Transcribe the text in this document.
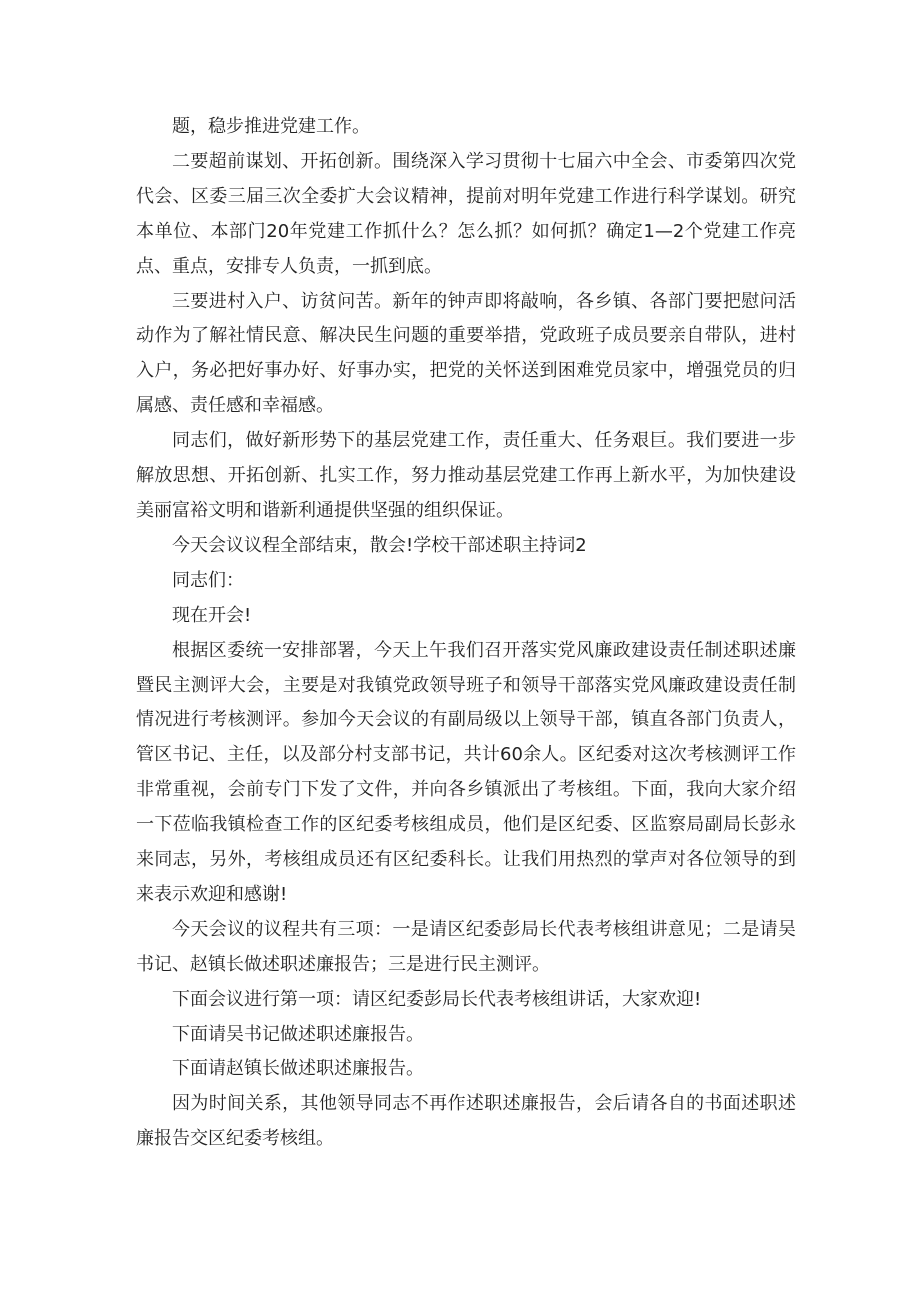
题，稳步推进党建工作。

二要超前谋划、开拓创新。围绕深入学习贯彻十七届六中全会、市委第四次党代会、区委三届三次全委扩大会议精神，提前对明年党建工作进行科学谋划。研究本单位、本部门20年党建工作抓什么？怎么抓？如何抓？确定1—2个党建工作亮点、重点，安排专人负责，一抓到底。

三要进村入户、访贫问苦。新年的钟声即将敲响，各乡镇、各部门要把慰问活动作为了解社情民意、解决民生问题的重要举措，党政班子成员要亲自带队，进村入户，务必把好事办好、好事办实，把党的关怀送到困难党员家中，增强党员的归属感、责任感和幸福感。

同志们，做好新形势下的基层党建工作，责任重大、任务艰巨。我们要进一步解放思想、开拓创新、扎实工作，努力推动基层党建工作再上新水平，为加快建设美丽富裕文明和谐新利通提供坚强的组织保证。

今天会议议程全部结束，散会!学校干部述职主持词2

同志们：

现在开会!

根据区委统一安排部署，今天上午我们召开落实党风廉政建设责任制述职述廉暨民主测评大会，主要是对我镇党政领导班子和领导干部落实党风廉政建设责任制情况进行考核测评。参加今天会议的有副局级以上领导干部，镇直各部门负责人，管区书记、主任，以及部分村支部书记，共计60余人。区纪委对这次考核测评工作非常重视，会前专门下发了文件，并向各乡镇派出了考核组。下面，我向大家介绍一下莅临我镇检查工作的区纪委考核组成员，他们是区纪委、区监察局副局长彭永来同志，另外，考核组成员还有区纪委科长。让我们用热烈的掌声对各位领导的到来表示欢迎和感谢!

今天会议的议程共有三项：一是请区纪委彭局长代表考核组讲意见；二是请吴书记、赵镇长做述职述廉报告；三是进行民主测评。

下面会议进行第一项：请区纪委彭局长代表考核组讲话，大家欢迎!

下面请吴书记做述职述廉报告。

下面请赵镇长做述职述廉报告。

因为时间关系，其他领导同志不再作述职述廉报告，会后请各自的书面述职述廉报告交区纪委考核组。
